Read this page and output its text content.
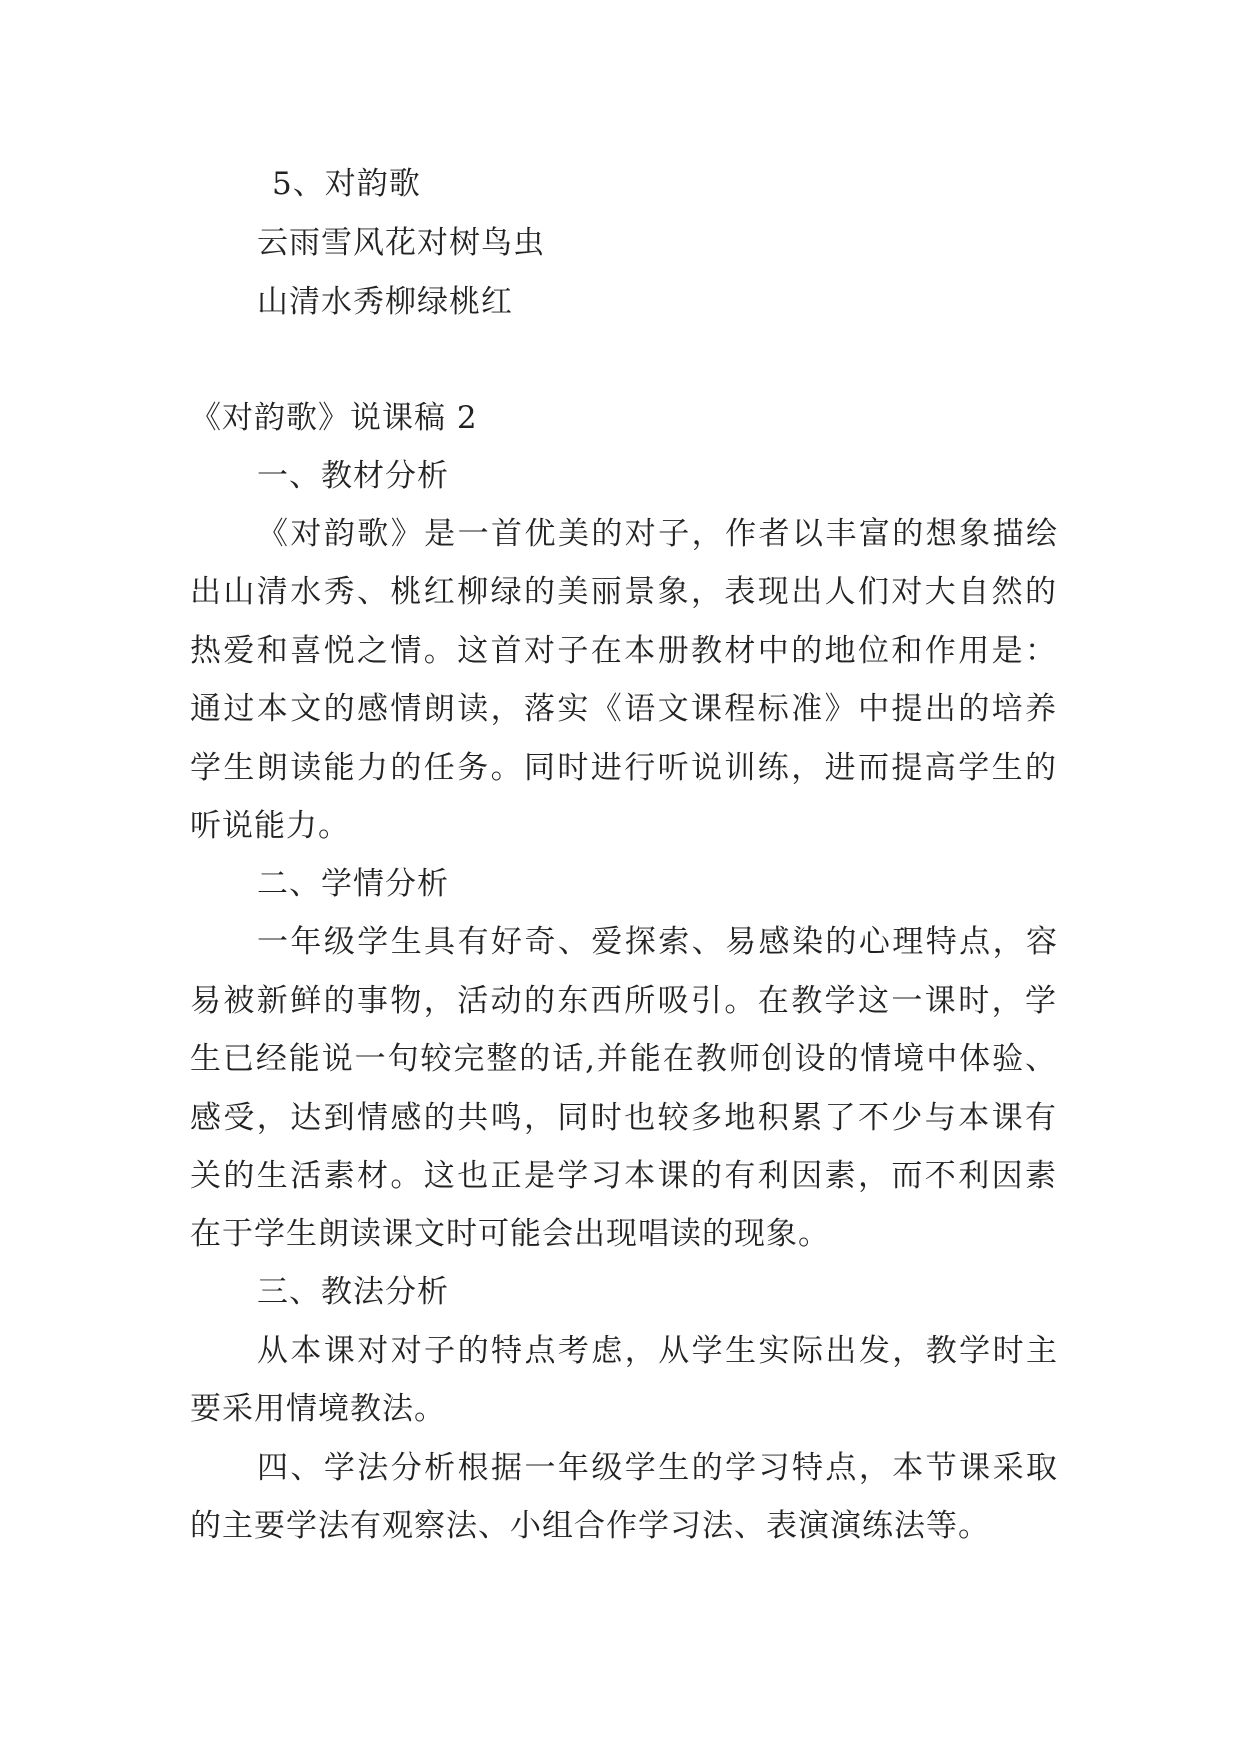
5、对韵歌
云雨雪风花对树鸟虫
山清水秀柳绿桃红
《对韵歌》说课稿 2
一、教材分析
《对韵歌》是一首优美的对子，作者以丰富的想象描绘
出山清水秀、桃红柳绿的美丽景象，表现出人们对大自然的
热爱和喜悦之情。这首对子在本册教材中的地位和作用是：
通过本文的感情朗读，落实《语文课程标准》中提出的培养
学生朗读能力的任务。同时进行听说训练，进而提高学生的
听说能力。
二、学情分析
一年级学生具有好奇、爱探索、易感染的心理特点，容
易被新鲜的事物，活动的东西所吸引。在教学这一课时，学
生已经能说一句较完整的话,并能在教师创设的情境中体验、
感受，达到情感的共鸣，同时也较多地积累了不少与本课有
关的生活素材。这也正是学习本课的有利因素，而不利因素
在于学生朗读课文时可能会出现唱读的现象。
三、教法分析
从本课对对子的特点考虑，从学生实际出发，教学时主
要采用情境教法。
四、学法分析根据一年级学生的学习特点，本节课采取
的主要学法有观察法、小组合作学习法、表演演练法等。
